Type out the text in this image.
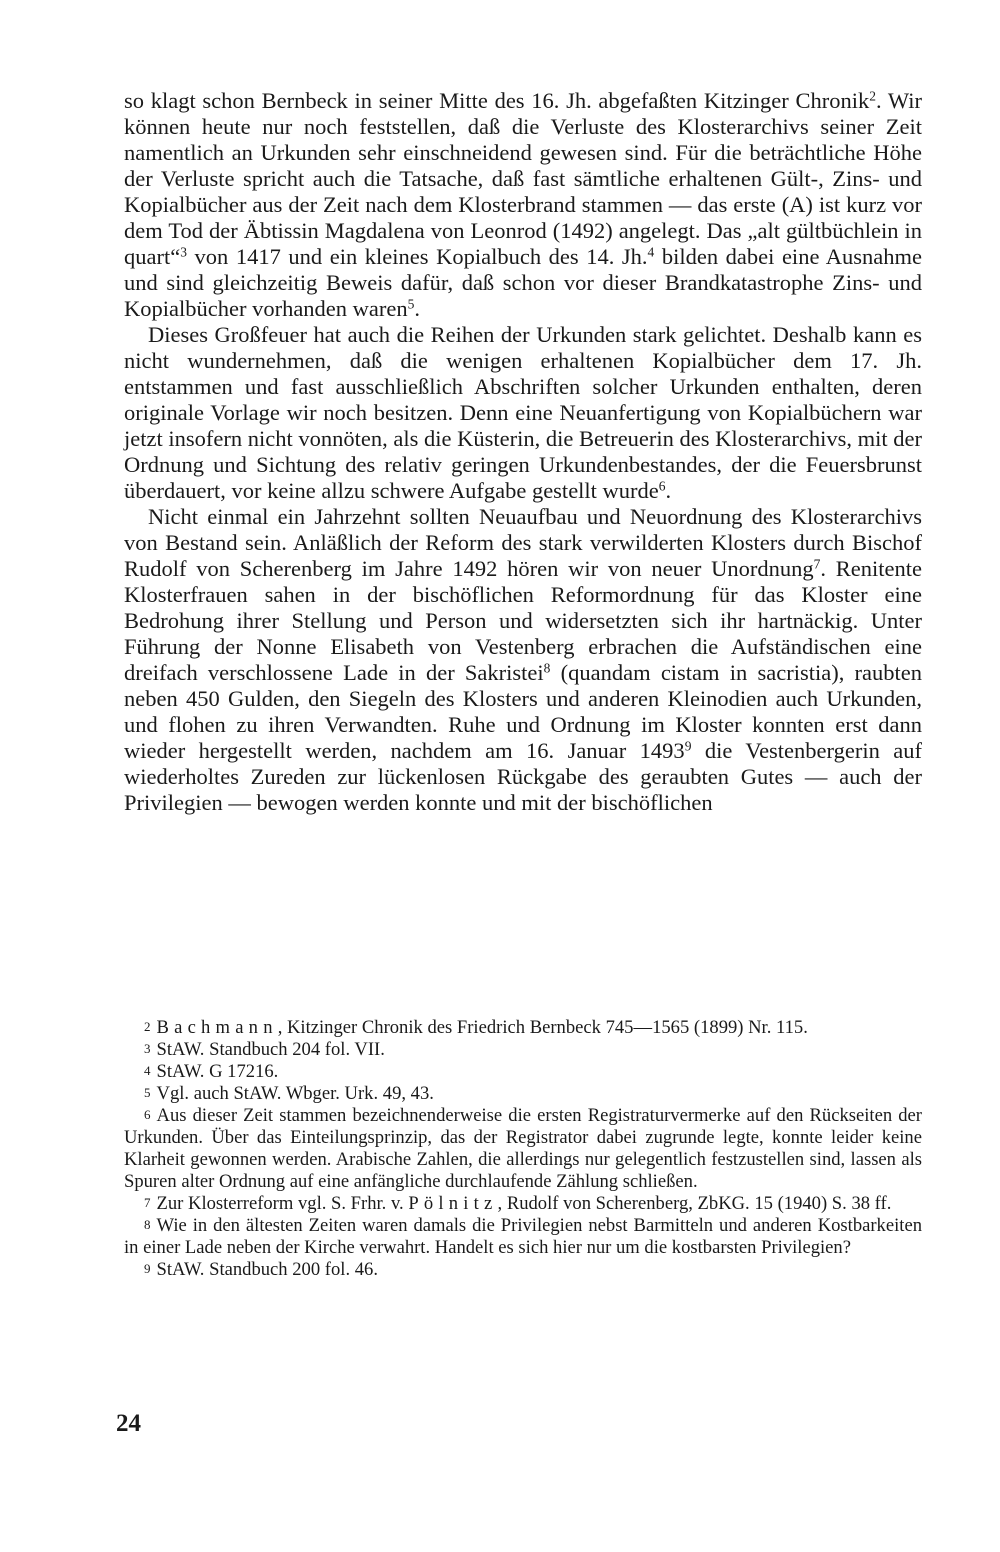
so klagt schon Bernbeck in seiner Mitte des 16. Jh. abgefaßten Kitzinger Chronik$^2$. Wir können heute nur noch feststellen, daß die Verluste des Klosterarchivs seiner Zeit namentlich an Urkunden sehr einschneidend gewesen sind. Für die beträchtliche Höhe der Verluste spricht auch die Tatsache, daß fast sämtliche erhaltenen Gült-, Zins- und Kopialbücher aus der Zeit nach dem Klosterbrand stammen — das erste (A) ist kurz vor dem Tod der Äbtissin Magdalena von Leonrod (1492) angelegt. Das „alt gültbüchlein in quart“$^3$ von 1417 und ein kleines Kopialbuch des 14. Jh.$^4$ bilden dabei eine Ausnahme und sind gleichzeitig Beweis dafür, daß schon vor dieser Brandkatastrophe Zins- und Kopialbücher vorhanden waren$^5$.

Dieses Großfeuer hat auch die Reihen der Urkunden stark gelichtet. Deshalb kann es nicht wundernehmen, daß die wenigen erhaltenen Kopialbücher dem 17. Jh. entstammen und fast ausschließlich Abschriften solcher Urkunden enthalten, deren originale Vorlage wir noch besitzen. Denn eine Neuanfertigung von Kopialbüchern war jetzt insofern nicht vonnöten, als die Küsterin, die Betreuerin des Klosterarchivs, mit der Ordnung und Sichtung des relativ geringen Urkundenbestandes, der die Feuersbrunst überdauert, vor keine allzu schwere Aufgabe gestellt wurde$^6$.

Nicht einmal ein Jahrzehnt sollten Neuaufbau und Neuordnung des Klosterarchivs von Bestand sein. Anläßlich der Reform des stark verwilderten Klosters durch Bischof Rudolf von Scherenberg im Jahre 1492 hören wir von neuer Unordnung$^7$. Renitente Klosterfrauen sahen in der bischöflichen Reformordnung für das Kloster eine Bedrohung ihrer Stellung und Person und widersetzten sich ihr hartnäckig. Unter Führung der Nonne Elisabeth von Vestenberg erbrachen die Aufständischen eine dreifach verschlossene Lade in der Sakristei$^8$ (quandam cistam in sacristia), raubten neben 450 Gulden, den Siegeln des Klosters und anderen Kleinodien auch Urkunden, und flohen zu ihren Verwandten. Ruhe und Ordnung im Kloster konnten erst dann wieder hergestellt werden, nachdem am 16. Januar 1493$^9$ die Vestenbergerin auf wiederholtes Zureden zur lückenlosen Rückgabe des geraubten Gutes — auch der Privilegien — bewogen werden konnte und mit der bischöflichen

$^2$ Bachmann, Kitzinger Chronik des Friedrich Bernbeck 745—1565 (1899) Nr. 115.

$^3$ StAW. Standbuch 204 fol. VII.

$^4$ StAW. G 17216.

$^5$ Vgl. auch StAW. Wbger. Urk. 49, 43.

$^6$ Aus dieser Zeit stammen bezeichnenderweise die ersten Registraturvermerke auf den Rückseiten der Urkunden. Über das Einteilungsprinzip, das der Registrator dabei zugrunde legte, konnte leider keine Klarheit gewonnen werden. Arabische Zahlen, die allerdings nur gelegentlich festzustellen sind, lassen als Spuren alter Ordnung auf eine anfängliche durchlaufende Zählung schließen.

$^7$ Zur Klosterreform vgl. S. Frhr. v. Pölnitz, Rudolf von Scherenberg, ZbKG. 15 (1940) S. 38 ff.

$^8$ Wie in den ältesten Zeiten waren damals die Privilegien nebst Barmitteln und anderen Kostbarkeiten in einer Lade neben der Kirche verwahrt. Handelt es sich hier nur um die kostbarsten Privilegien?

$^9$ StAW. Standbuch 200 fol. 46.

24
